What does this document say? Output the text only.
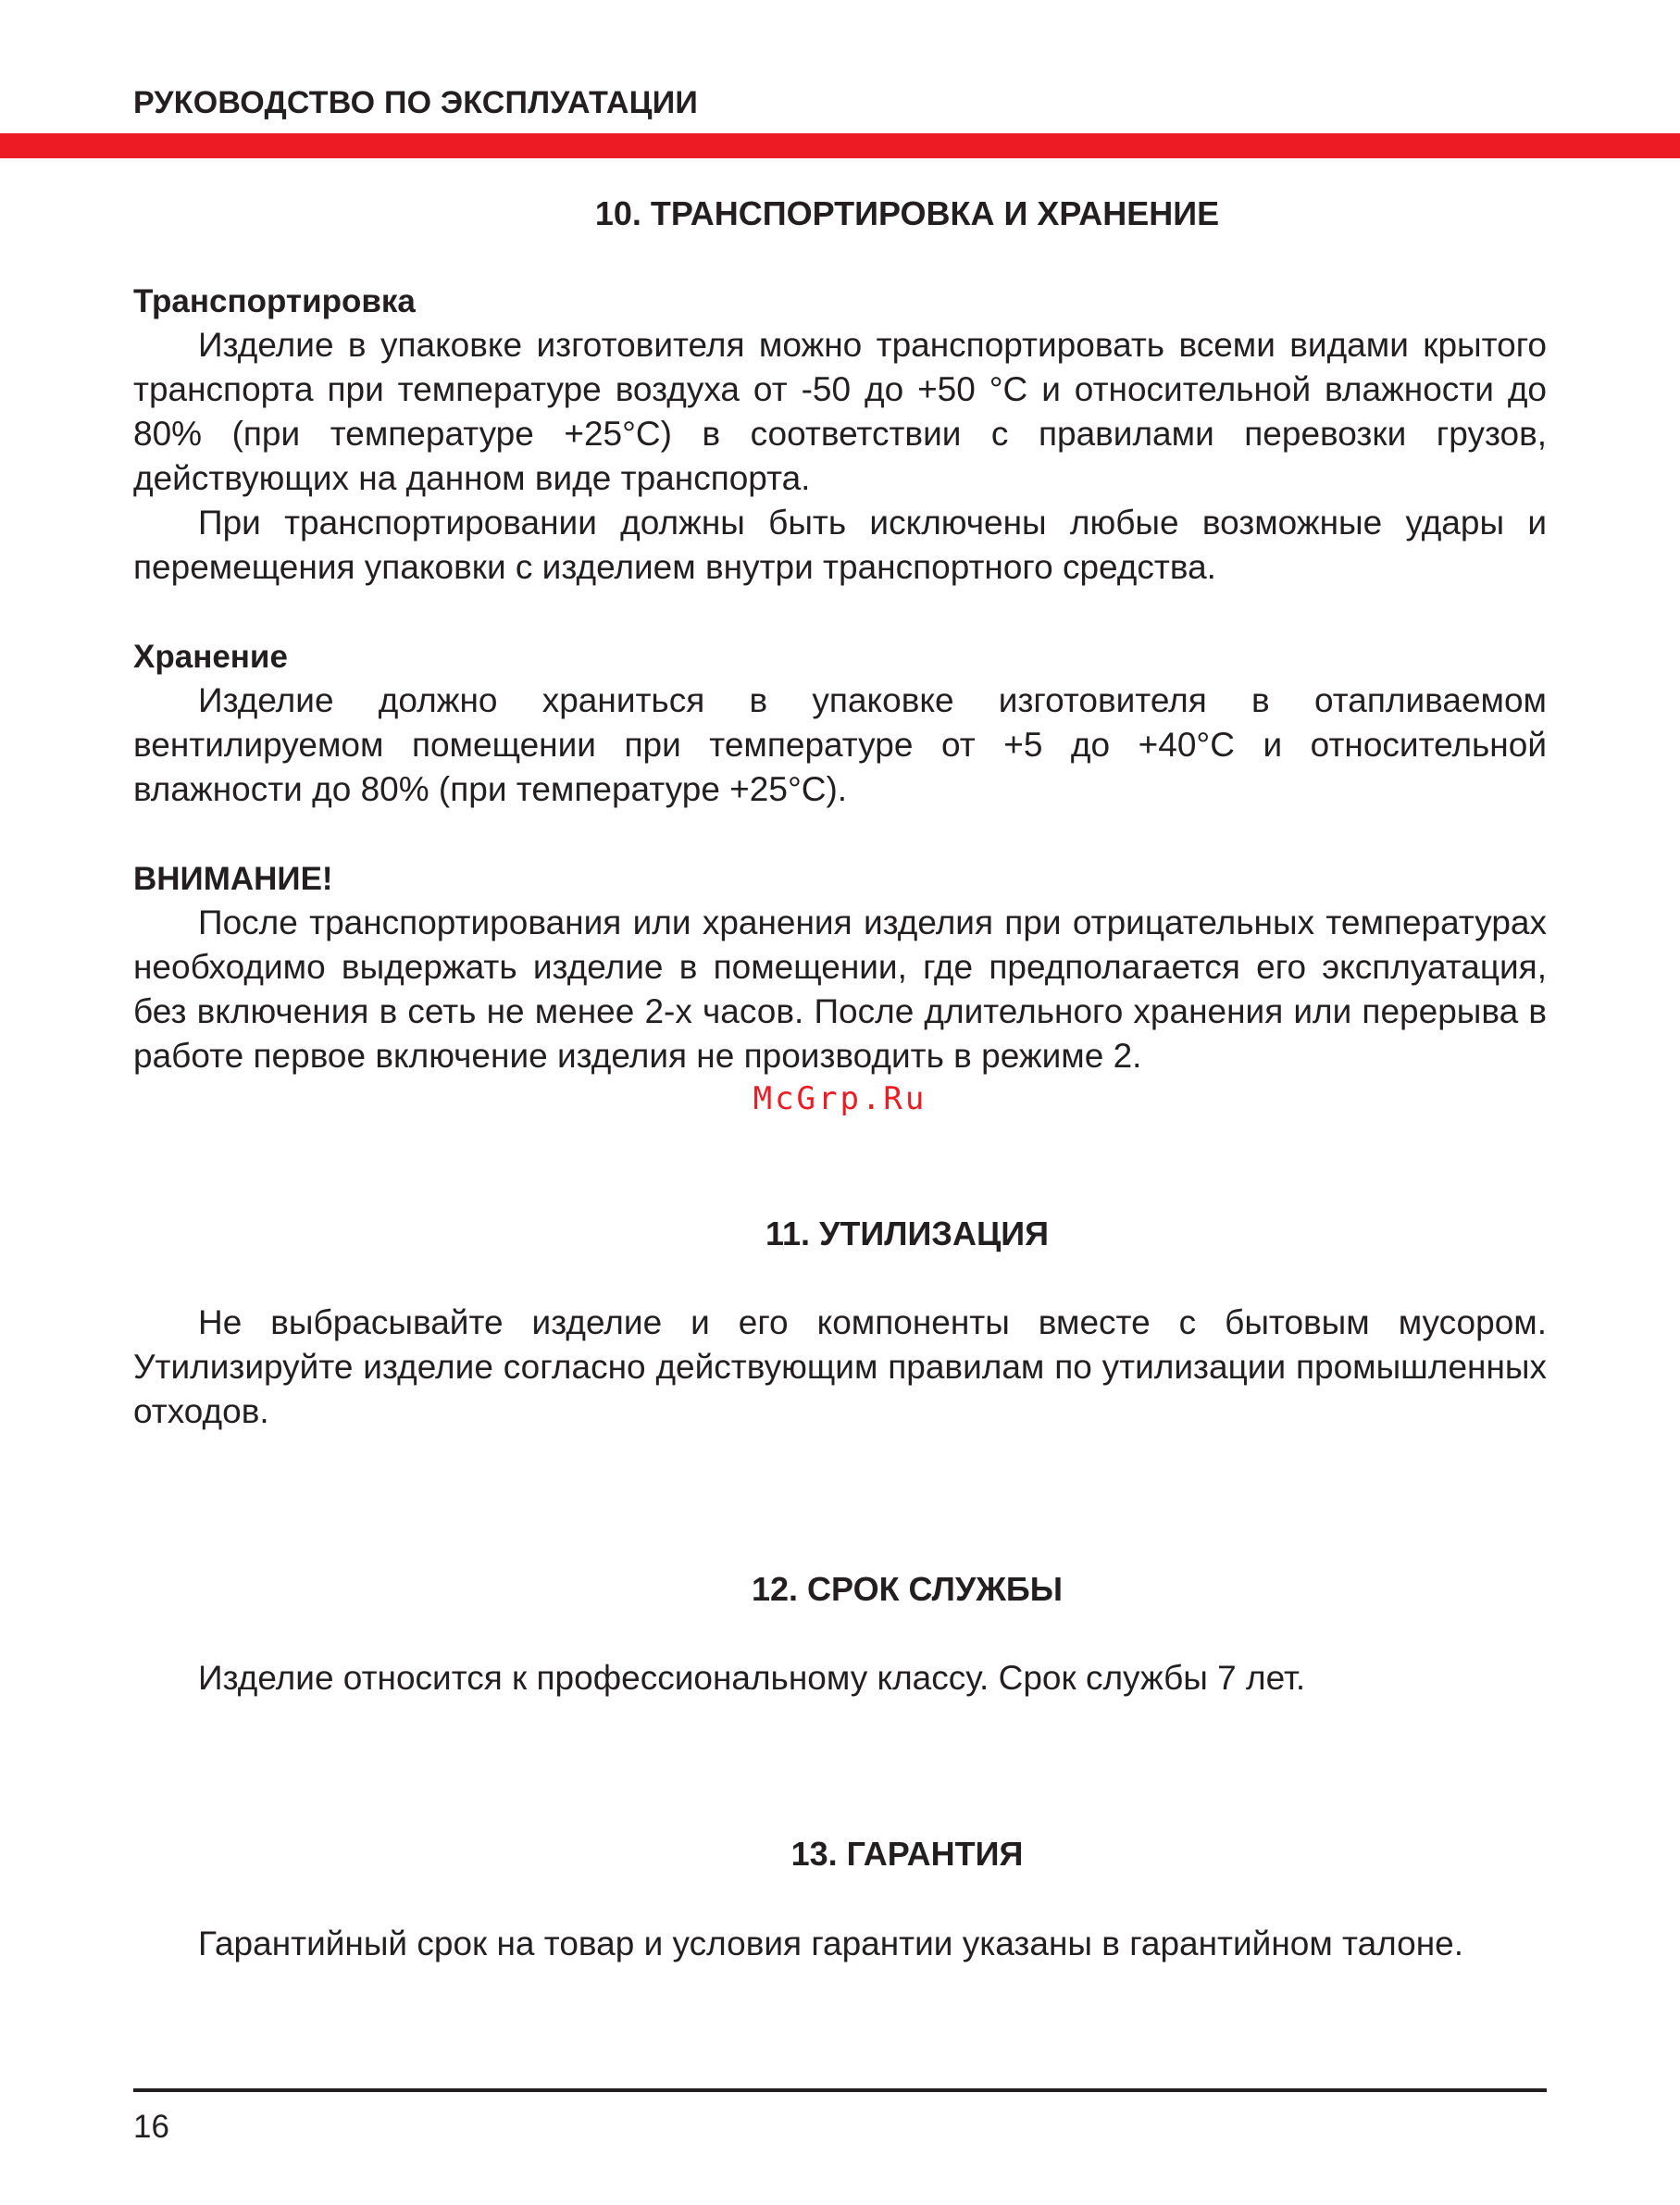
РУКОВОДСТВО ПО ЭКСПЛУАТАЦИИ
10. ТРАНСПОРТИРОВКА И ХРАНЕНИЕ
Транспортировка

Изделие в упаковке изготовителя можно транспортировать всеми видами крытого транспорта при температуре воздуха от -50 до +50 °С и относительной влажности до 80% (при температуре +25°С) в соответствии с правилами перевозки грузов, действующих на данном виде транспорта.

При транспортировании должны быть исключены любые возможные удары и перемещения упаковки с изделием внутри транспортного средства.

Хранение

Изделие должно храниться в упаковке изготовителя в отапливаемом вентилируемом помещении при температуре от +5 до +40°С и относительной влажности до 80% (при температуре +25°С).

ВНИМАНИЕ!

После транспортирования или хранения изделия при отрицательных температурах необходимо выдержать изделие в помещении, где предполагается его эксплуатация, без включения в сеть не менее 2-х часов. После длительного хранения или перерыва в работе первое включение изделия не производить в режиме 2.

McGrp.Ru
11. УТИЛИЗАЦИЯ

Не выбрасывайте изделие и его компоненты вместе с бытовым мусором. Утилизируйте изделие согласно действующим правилам по утилизации промышленных отходов.

12. СРОК СЛУЖБЫ

Изделие относится к профессиональному классу. Срок службы 7 лет.

13. ГАРАНТИЯ

Гарантийный срок на товар и условия гарантии указаны в гарантийном талоне.

16
